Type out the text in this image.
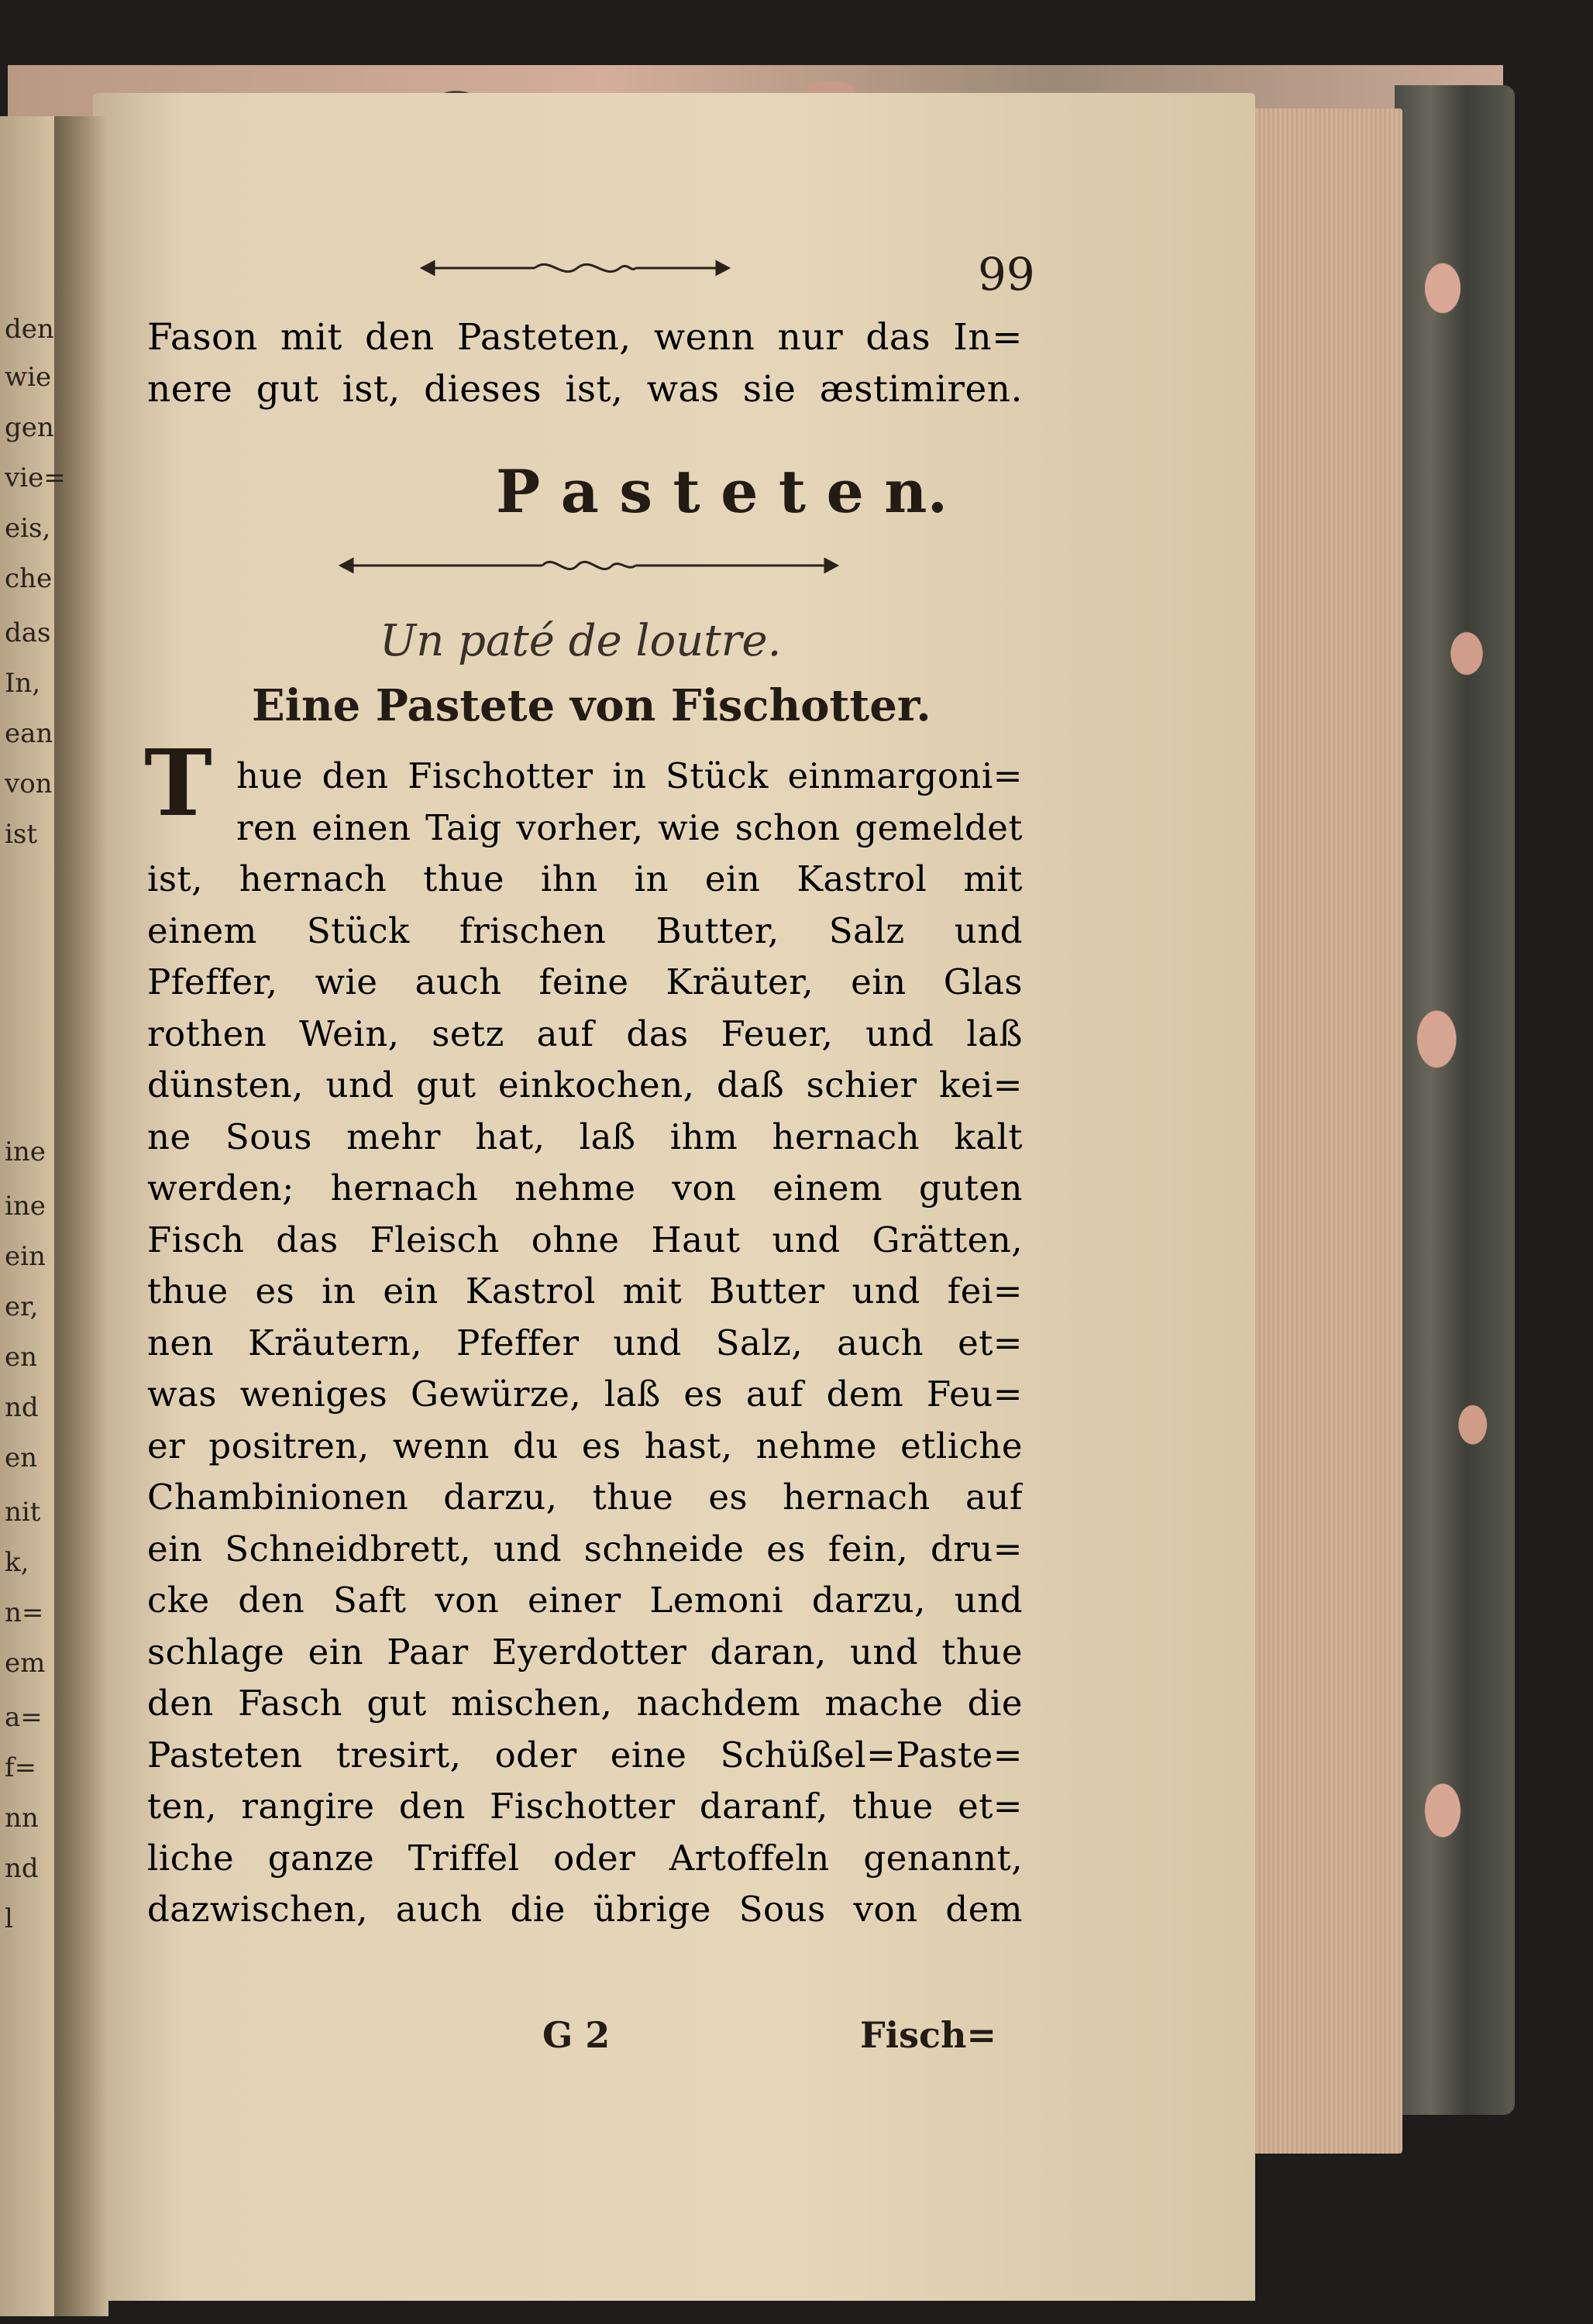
den
wie
gen
vie=
eis,
che
das
In,
ean
von
ist
ine
ine
ein
er,
en
nd
en
nit
k,
n=
em
a=
f=
nn
nd
l
99
Fason mit den Pasteten, wenn nur das In=
nere gut ist, dieses ist, was sie æstimiren.
P a s t e t e n.
Un paté de loutre.
Eine Pastete von Fischotter.
T hue den Fischotter in Stück einmargoni=
ren einen Taig vorher, wie schon gemeldet
ist, hernach thue ihn in ein Kastrol mit
einem Stück frischen Butter, Salz und
Pfeffer, wie auch feine Kräuter, ein Glas
rothen Wein, setz auf das Feuer, und laß
dünsten, und gut einkochen, daß schier kei=
ne Sous mehr hat, laß ihm hernach kalt
werden; hernach nehme von einem guten
Fisch das Fleisch ohne Haut und Grätten,
thue es in ein Kastrol mit Butter und fei=
nen Kräutern, Pfeffer und Salz, auch et=
was weniges Gewürze, laß es auf dem Feu=
er positren, wenn du es hast, nehme etliche
Chambinionen darzu, thue es hernach auf
ein Schneidbrett, und schneide es fein, dru=
cke den Saft von einer Lemoni darzu, und
schlage ein Paar Eyerdotter daran, und thue
den Fasch gut mischen, nachdem mache die
Pasteten tresirt, oder eine Schüßel=Paste=
ten, rangire den Fischotter daranf, thue et=
liche ganze Triffel oder Artoffeln genannt,
dazwischen, auch die übrige Sous von dem
G 2	Fisch=
